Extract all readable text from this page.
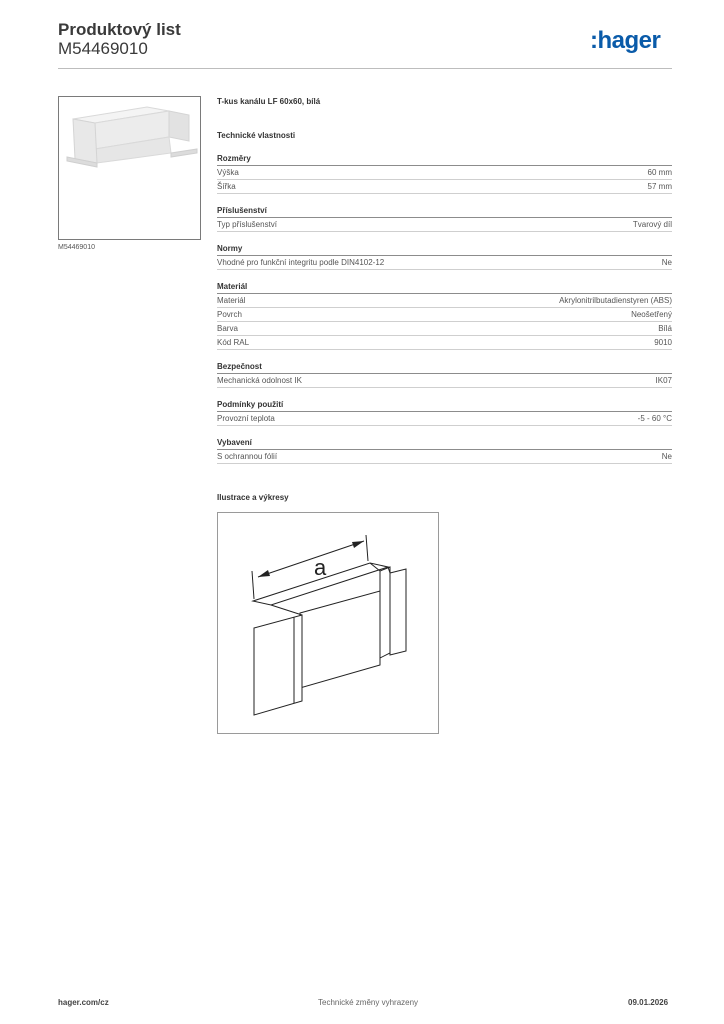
Produktový list
M54469010	:hager
M54469010
T-kus kanálu LF 60x60, bílá
Technické vlastnosti
Rozměry
Výška	60 mm
Šířka	57 mm
Příslušenství
Typ příslušenství	Tvarový díl
Normy
Vhodné pro funkční integritu podle DIN4102-12	Ne
Materiál
Materiál	Akrylonitrilbutadienstyren (ABS)
Povrch	Neošetřený
Barva	Bílá
Kód RAL	9010
Bezpečnost
Mechanická odolnost IK	IK07
Podmínky použití
Provozní teplota	-5 - 60 °C
Vybavení
S ochrannou fólií	Ne
Ilustrace a výkresy
a
hager.com/cz	Technické změny vyhrazeny	09.01.2026
